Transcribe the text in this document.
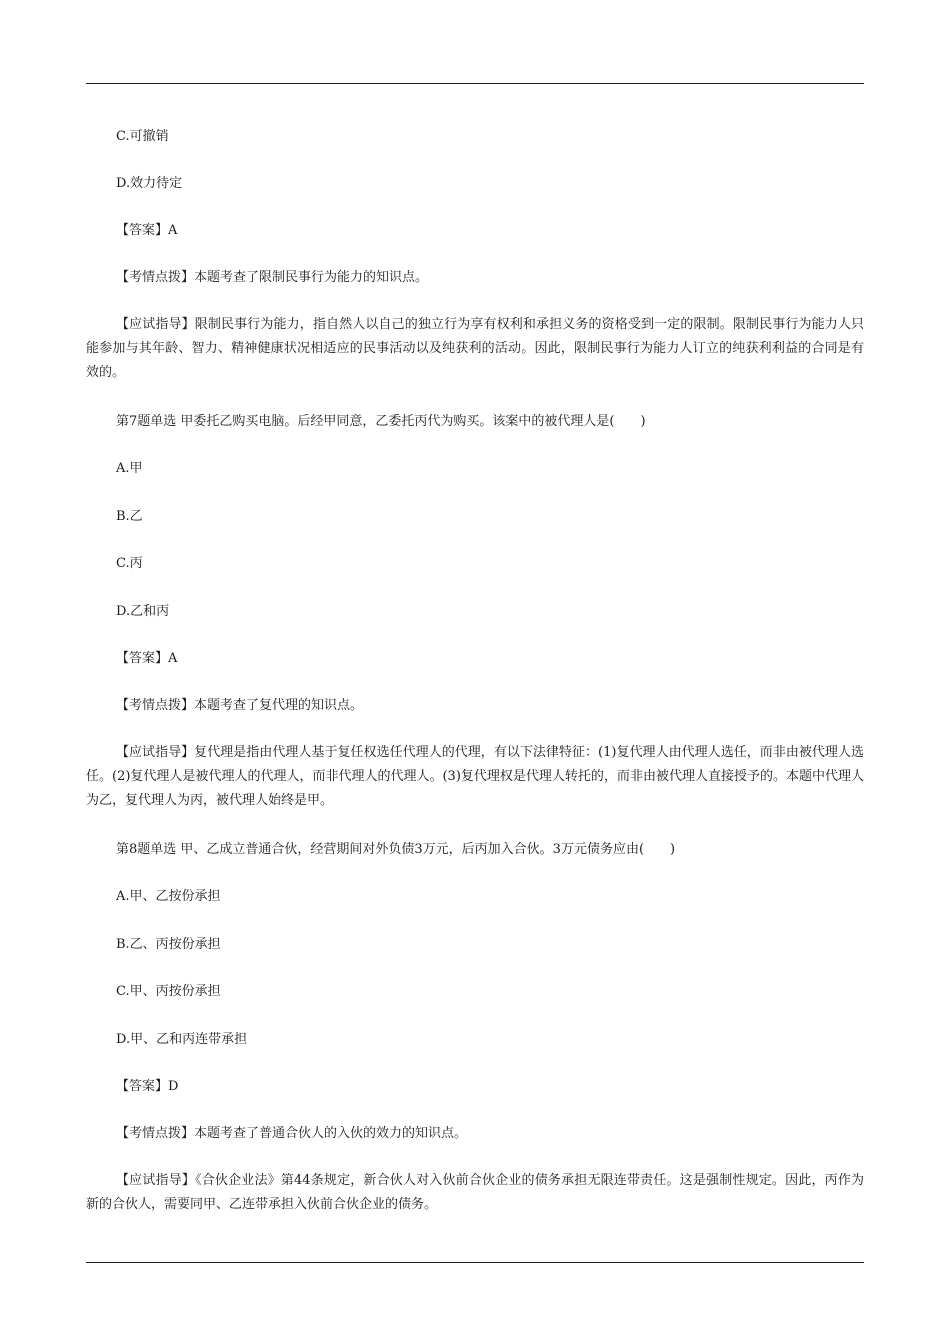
C.可撤销
D.效力待定
【答案】A
【考情点拨】本题考查了限制民事行为能力的知识点。
【应试指导】限制民事行为能力，指自然人以自己的独立行为享有权利和承担义务的资格受到一定的限制。限制民事行为能力人只能参加与其年龄、智力、精神健康状况相适应的民事活动以及纯获利的活动。因此，限制民事行为能力人订立的纯获利利益的合同是有效的。
第7题单选 甲委托乙购买电脑。后经甲同意，乙委托丙代为购买。该案中的被代理人是(　　)
A.甲
B.乙
C.丙
D.乙和丙
【答案】A
【考情点拨】本题考查了复代理的知识点。
【应试指导】复代理是指由代理人基于复任权选任代理人的代理，有以下法律特征：(1)复代理人由代理人选任，而非由被代理人选任。(2)复代理人是被代理人的代理人，而非代理人的代理人。(3)复代理权是代理人转托的，而非由被代理人直接授予的。本题中代理人为乙，复代理人为丙，被代理人始终是甲。
第8题单选 甲、乙成立普通合伙，经营期间对外负债3万元，后丙加入合伙。3万元债务应由(　　)
A.甲、乙按份承担
B.乙、丙按份承担
C.甲、丙按份承担
D.甲、乙和丙连带承担
【答案】D
【考情点拨】本题考查了普通合伙人的入伙的效力的知识点。
【应试指导】《合伙企业法》第44条规定，新合伙人对入伙前合伙企业的债务承担无限连带责任。这是强制性规定。因此，丙作为新的合伙人，需要同甲、乙连带承担入伙前合伙企业的债务。
